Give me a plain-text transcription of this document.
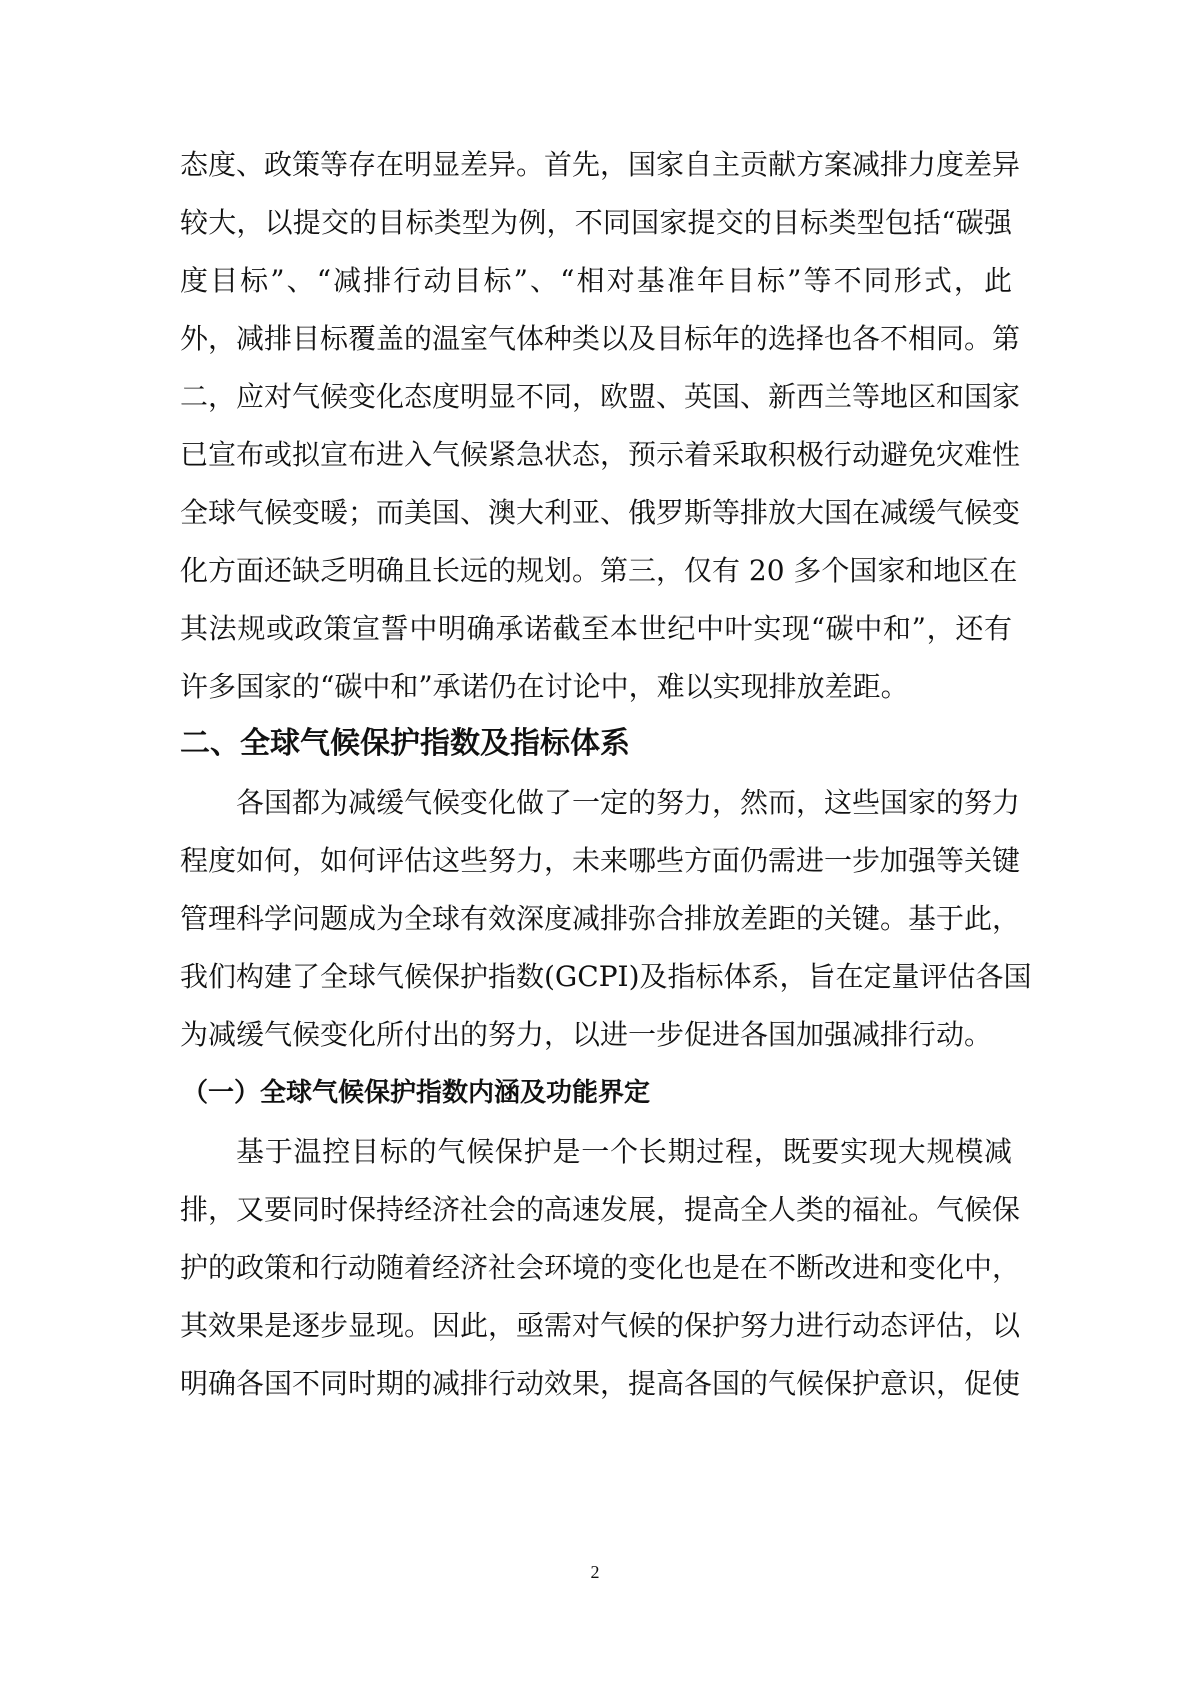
态度、政策等存在明显差异。首先，国家自主贡献方案减排力度差异

较大，以提交的目标类型为例，不同国家提交的目标类型包括“碳强

度目标”、“减排行动目标”、“相对基准年目标”等不同形式，此

外，减排目标覆盖的温室气体种类以及目标年的选择也各不相同。第

二，应对气候变化态度明显不同，欧盟、英国、新西兰等地区和国家

已宣布或拟宣布进入气候紧急状态，预示着采取积极行动避免灾难性

全球气候变暖；而美国、澳大利亚、俄罗斯等排放大国在减缓气候变

化方面还缺乏明确且长远的规划。第三，仅有 20 多个国家和地区在

其法规或政策宣誓中明确承诺截至本世纪中叶实现“碳中和”，还有

许多国家的“碳中和”承诺仍在讨论中，难以实现排放差距。

二、全球气候保护指数及指标体系

各国都为减缓气候变化做了一定的努力，然而，这些国家的努力

程度如何，如何评估这些努力，未来哪些方面仍需进一步加强等关键

管理科学问题成为全球有效深度减排弥合排放差距的关键。基于此，

我们构建了全球气候保护指数(GCPI)及指标体系，旨在定量评估各国

为减缓气候变化所付出的努力，以进一步促进各国加强减排行动。

（一）全球气候保护指数内涵及功能界定

基于温控目标的气候保护是一个长期过程，既要实现大规模减

排，又要同时保持经济社会的高速发展，提高全人类的福祉。气候保

护的政策和行动随着经济社会环境的变化也是在不断改进和变化中，

其效果是逐步显现。因此，亟需对气候的保护努力进行动态评估，以

明确各国不同时期的减排行动效果，提高各国的气候保护意识，促使

2
